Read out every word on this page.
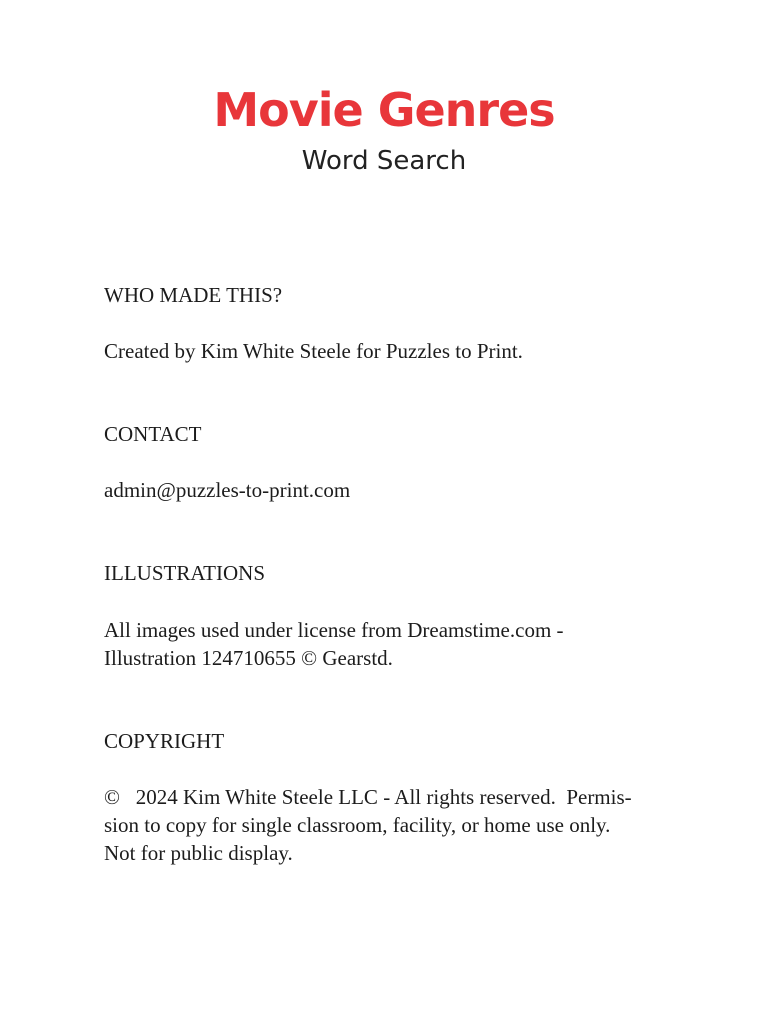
Movie Genres
Word Search
WHO MADE THIS?
Created by Kim White Steele for Puzzles to Print.
CONTACT
admin@puzzles-to-print.com
ILLUSTRATIONS
All images used under license from Dreamstime.com -
Illustration 124710655 © Gearstd.
COPYRIGHT
©   2024 Kim White Steele LLC - All rights reserved.  Permis-
sion to copy for single classroom, facility, or home use only.
Not for public display.
